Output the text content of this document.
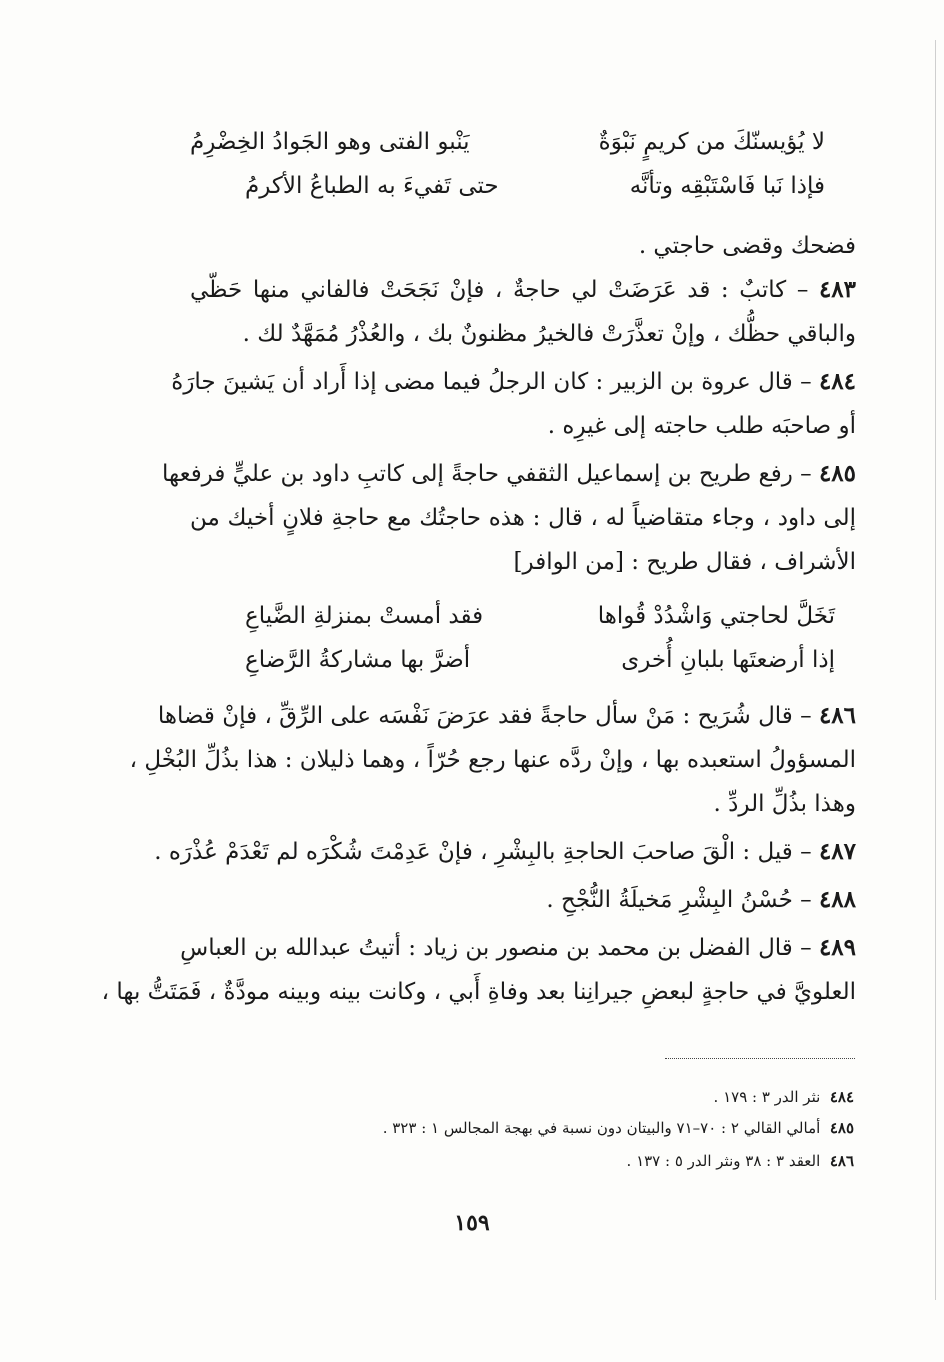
لا يُؤيسنّكَ من كريمٍ نَبْوَةٌ
يَنْبو الفتى وهو الجَوادُ الخِضْرِمُ
فإذا نَبا فَاسْتَبْقِه وتأنَّه
حتى تَفيءَ به الطباعُ الأكرمُ
فضحك وقضى حاجتي .
٤٨٣ – كاتبٌ : قد عَرَضَتْ لي حاجةٌ ، فإنْ نَجَحَتْ فالفاني منها حَظّي
والباقي حظُّك ، وإنْ تعذَّرَتْ فالخيرُ مظنونٌ بك ، والعُذْرُ مُمَهَّدٌ لك .
٤٨٤ – قال عروة بن الزبير : كان الرجلُ فيما مضى إذا أَراد أن يَشينَ جارَهُ
أو صاحبَه طلب حاجته إلى غيرِه .
٤٨٥ – رفع طريح بن إسماعيل الثقفي حاجةً إلى كاتبِ داود بن عليٍّ فرفعها
إلى داود ، وجاء متقاضياً له ، قال : هذه حاجتُك مع حاجةِ فلانٍ أخيك من
الأشراف ، فقال طريح : [من الوافر]
تَخَلَّ لحاجتي وَاشْدُدْ قُواها
فقد أمستْ بمنزلةِ الضَّياعِ
إذا أرضعتَها بلبانِ أُخرى
أضرَّ بها مشاركةُ الرَّضاعِ
٤٨٦ – قال شُرَيح : مَنْ سأل حاجةً فقد عرَضَ نَفْسَه على الرِّقِّ ، فإنْ قضاها
المسؤولُ استعبده بها ، وإنْ ردَّه عنها رجع حُرّاً ، وهما ذليلان : هذا بذُلِّ البُخْلِ ،
وهذا بذُلِّ الردِّ .
٤٨٧ – قيل : الْقَ صاحبَ الحاجةِ بالبِشْرِ ، فإنْ عَدِمْتَ شُكْرَه لم تَعْدَمْ عُذْرَه .
٤٨٨ – حُسْنُ البِشْرِ مَخيلَةُ النُّجْحِ .
٤٨٩ – قال الفضل بن محمد بن منصور بن زياد : أتيتُ عبدالله بن العباسِ
العلويَّ في حاجةٍ لبعضِ جيرانِنا بعد وفاةِ أَبي ، وكانت بينه وبينه مودَّةٌ ، فَمَتَتُّ بها ،
٤٨٤  نثر الدر ٣ : ١٧٩ .
٤٨٥  أمالي القالي ٢ : ٧٠–٧١ والبيتان دون نسبة في بهجة المجالس ١ : ٣٢٣ .
٤٨٦  العقد ٣ : ٣٨ ونثر الدر ٥ : ١٣٧ .
١٥٩
